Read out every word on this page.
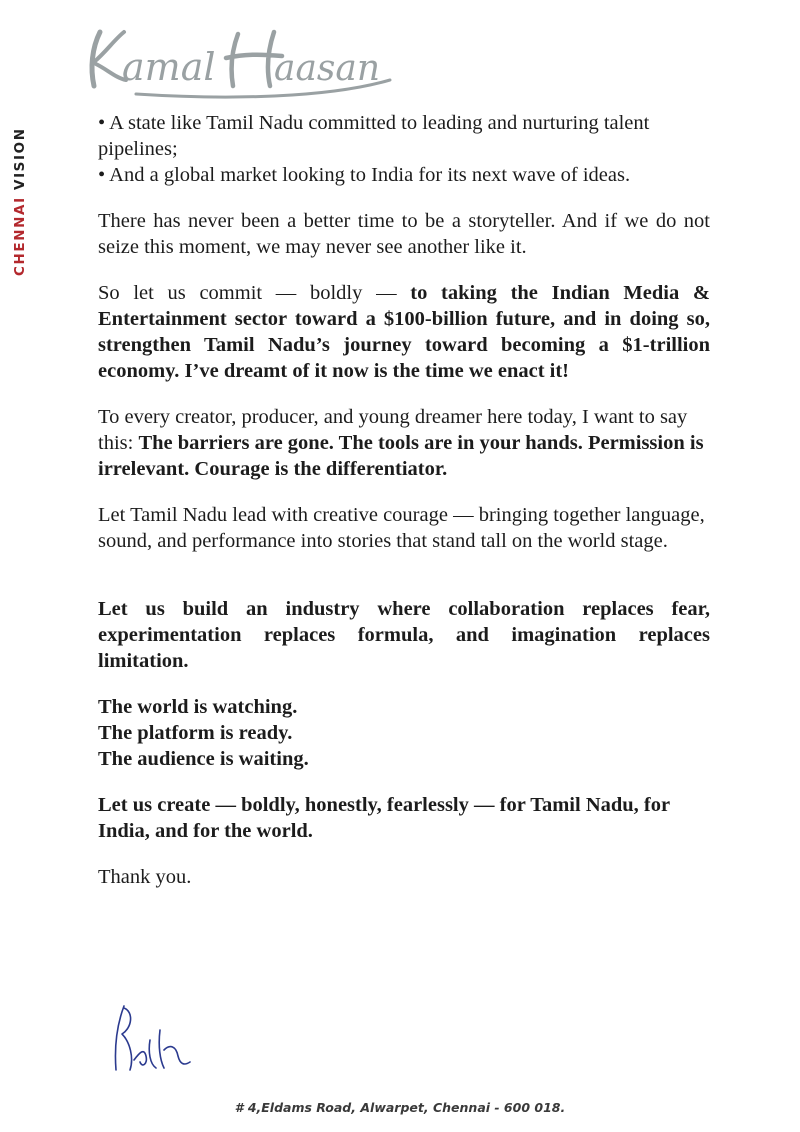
amal aasan
CHENNAI VISION

• A state like Tamil Nadu committed to leading and nurturing talent pipelines;

• And a global market looking to India for its next wave of ideas.

There has never been a better time to be a storyteller. And if we do not seize this moment, we may never see another like it.

So let us commit — boldly — to taking the Indian Media & Entertainment sector toward a $100-billion future, and in doing so, strengthen Tamil Nadu’s journey toward becoming a $1-trillion economy. I’ve dreamt of it now is the time we enact it!

To every creator, producer, and young dreamer here today, I want to say this: The barriers are gone. The tools are in your hands. Permission is irrelevant. Courage is the differentiator.

Let Tamil Nadu lead with creative courage — bringing together language, sound, and performance into stories that stand tall on the world stage.

Let us build an industry where collaboration replaces fear, experimentation replaces formula, and imagination replaces limitation.

The world is watching.

The platform is ready.

The audience is waiting.

Let us create — boldly, honestly, fearlessly — for Tamil Nadu, for India, and for the world.

Thank you.

# 4,Eldams Road, Alwarpet, Chennai - 600 018.
